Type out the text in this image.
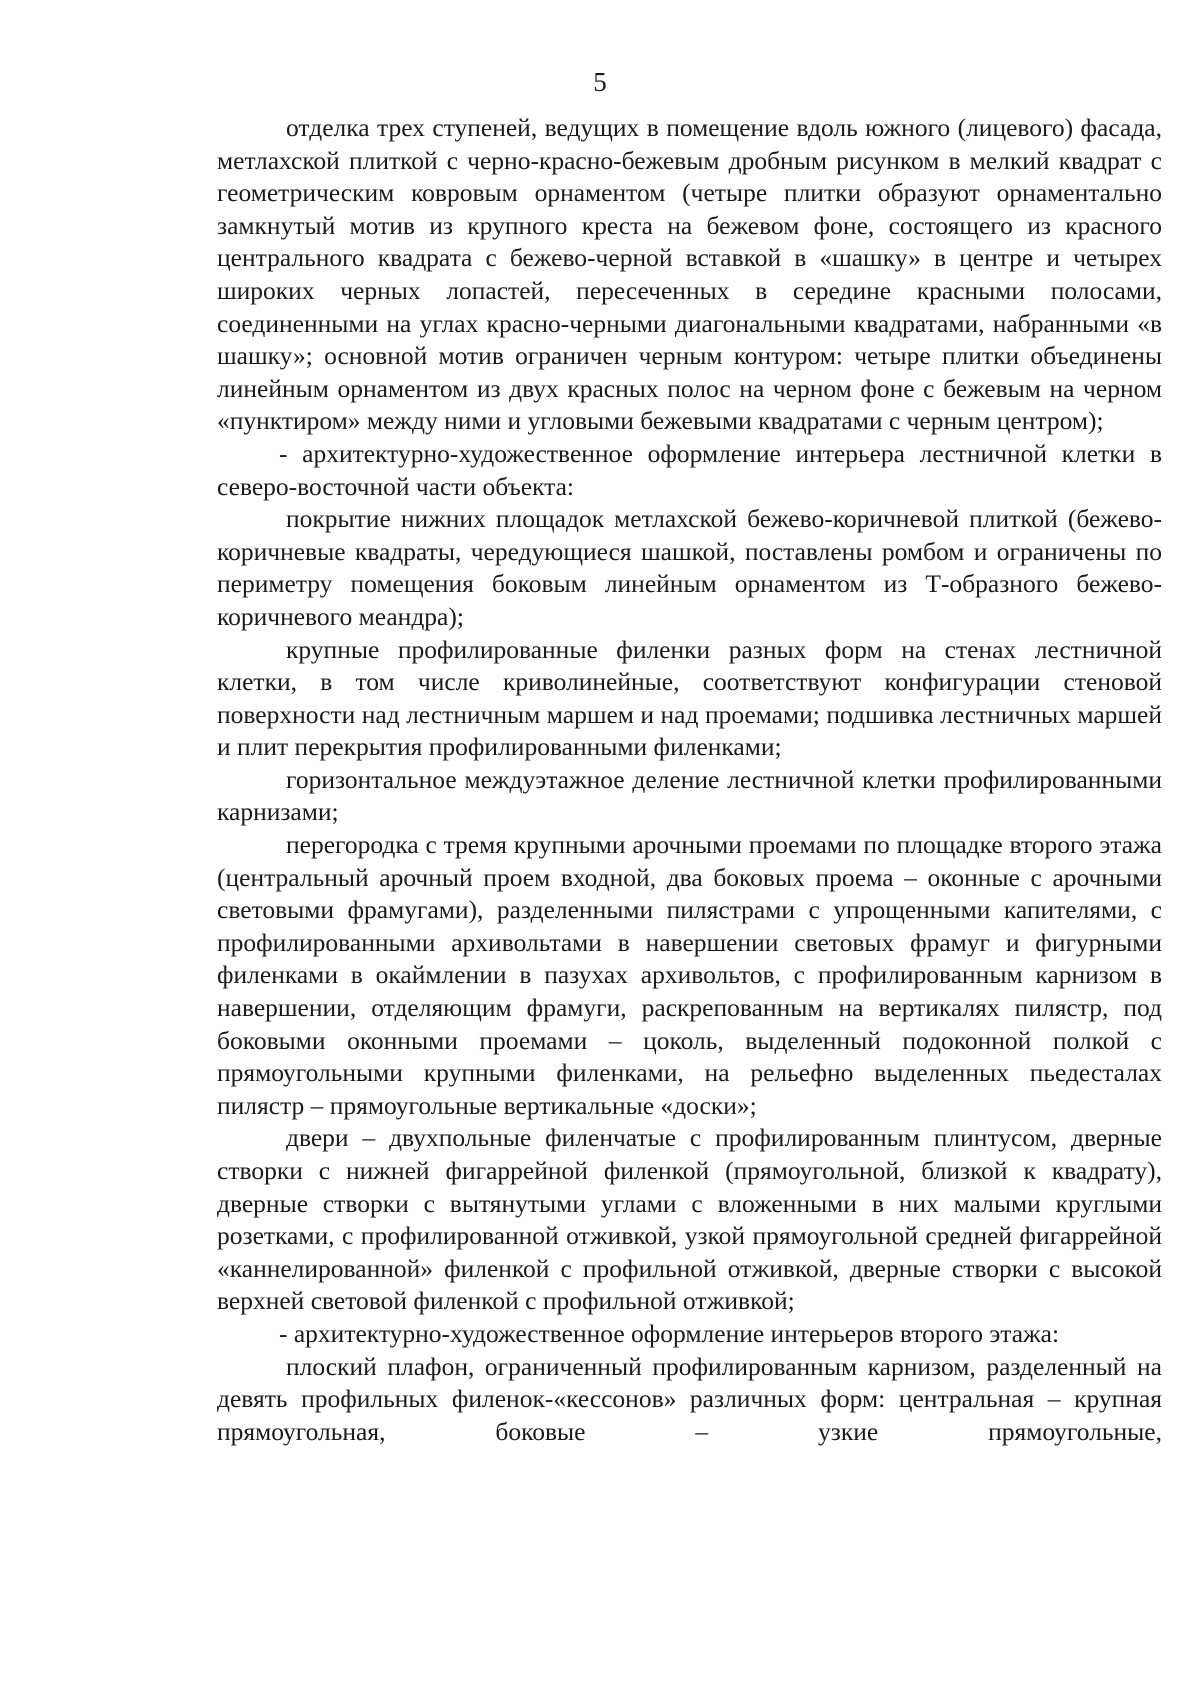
5

отделка трех ступеней, ведущих в помещение вдоль южного (лицевого) фасада, метлахской плиткой с черно-красно-бежевым дробным рисунком в мелкий квадрат с геометрическим ковровым орнаментом (четыре плитки образуют орнаментально замкнутый мотив из крупного креста на бежевом фоне, состоящего из красного центрального квадрата с бежево-черной вставкой в «шашку» в центре и четырех широких черных лопастей, пересеченных в середине красными полосами, соединенными на углах красно-черными диагональными квадратами, набранными «в шашку»; основной мотив ограничен черным контуром: четыре плитки объединены линейным орнаментом из двух красных полос на черном фоне с бежевым на черном «пунктиром» между ними и угловыми бежевыми квадратами с черным центром);

- архитектурно-художественное оформление интерьера лестничной клетки в северо-восточной части объекта:

покрытие нижних площадок метлахской бежево-коричневой плиткой (бежево-коричневые квадраты, чередующиеся шашкой, поставлены ромбом и ограничены по периметру помещения боковым линейным орнаментом из Т-образного бежево-коричневого меандра);

крупные профилированные филенки разных форм на стенах лестничной клетки, в том числе криволинейные, соответствуют конфигурации стеновой поверхности над лестничным маршем и над проемами; подшивка лестничных маршей и плит перекрытия профилированными филенками;

горизонтальное междуэтажное деление лестничной клетки профилированными карнизами;

перегородка с тремя крупными арочными проемами по площадке второго этажа (центральный арочный проем входной, два боковых проема – оконные с арочными световыми фрамугами), разделенными пилястрами с упрощенными капителями, с профилированными архивольтами в навершении световых фрамуг и фигурными филенками в окаймлении в пазухах архивольтов, с профилированным карнизом в навершении, отделяющим фрамуги, раскрепованным на вертикалях пилястр, под боковыми оконными проемами – цоколь, выделенный подоконной полкой с прямоугольными крупными филенками, на рельефно выделенных пьедесталах пилястр – прямоугольные вертикальные «доски»;

двери – двухпольные филенчатые с профилированным плинтусом, дверные створки с нижней фигаррейной филенкой (прямоугольной, близкой к квадрату), дверные створки с вытянутыми углами с вложенными в них малыми круглыми розетками, с профилированной отживкой, узкой прямоугольной средней фигаррейной «каннелированной» филенкой с профильной отживкой, дверные створки с высокой верхней световой филенкой с профильной отживкой;

- архитектурно-художественное оформление интерьеров второго этажа:

плоский плафон, ограниченный профилированным карнизом, разделенный на девять профильных филенок-«кессонов» различных форм: центральная – крупная прямоугольная, боковые – узкие прямоугольные,
